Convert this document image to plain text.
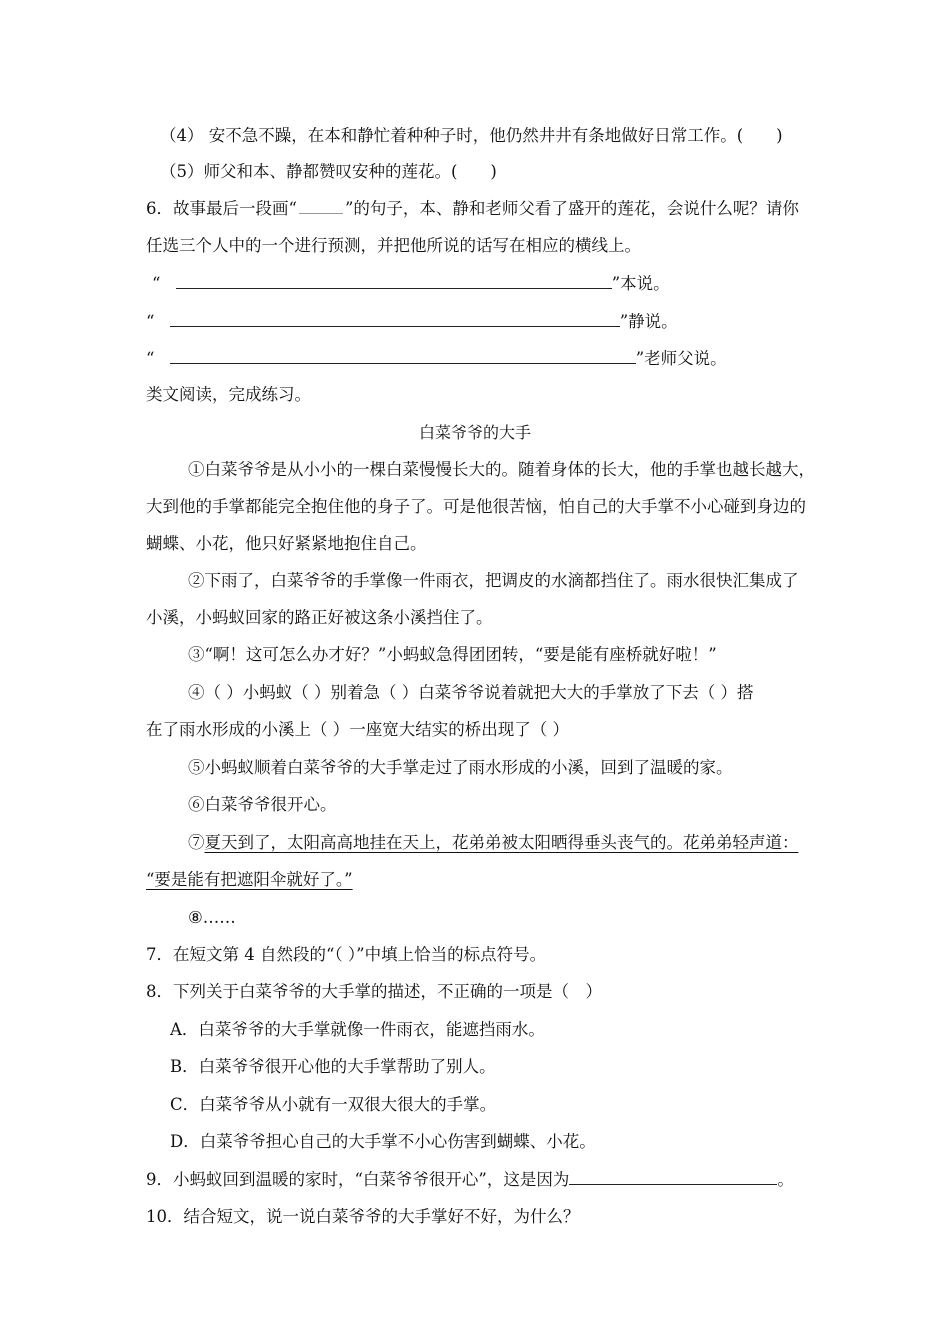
（4） 安不急不躁，在本和静忙着种种子时，他仍然井井有条地做好日常工作。(　　)
（5）师父和本、静都赞叹安种的莲花。(　　)
6．故事最后一段画“	”的句子，本、静和老师父看了盛开的莲花，会说什么呢？请你
任选三个人中的一个进行预测，并把他所说的话写在相应的横线上。
“	”本说。
“	”静说。
“	”老师父说。
类文阅读，完成练习。
白菜爷爷的大手
①白菜爷爷是从小小的一棵白菜慢慢长大的。随着身体的长大，他的手掌也越长越大，
大到他的手掌都能完全抱住他的身子了。可是他很苦恼，怕自己的大手掌不小心碰到身边的
蝴蝶、小花，他只好紧紧地抱住自己。
②下雨了，白菜爷爷的手掌像一件雨衣，把调皮的水滴都挡住了。雨水很快汇集成了
小溪，小蚂蚁回家的路正好被这条小溪挡住了。
③“啊！这可怎么办才好？”小蚂蚁急得团团转，“要是能有座桥就好啦！”
④（ ）小蚂蚁（ ）别着急（ ）白菜爷爷说着就把大大的手掌放了下去（ ）搭
在了雨水形成的小溪上（ ）一座宽大结实的桥出现了（ ）
⑤小蚂蚁顺着白菜爷爷的大手掌走过了雨水形成的小溪，回到了温暖的家。
⑥白菜爷爷很开心。
⑦夏天到了，太阳高高地挂在天上，花弟弟被太阳晒得垂头丧气的。花弟弟轻声道：
“要是能有把遮阳伞就好了。”
⑧……
7．在短文第 4 自然段的“（ ）”中填上恰当的标点符号。
8．下列关于白菜爷爷的大手掌的描述，不正确的一项是（　）
A．白菜爷爷的大手掌就像一件雨衣，能遮挡雨水。
B．白菜爷爷很开心他的大手掌帮助了别人。
C．白菜爷爷从小就有一双很大很大的手掌。
D．白菜爷爷担心自己的大手掌不小心伤害到蝴蝶、小花。
9．小蚂蚁回到温暖的家时，“白菜爷爷很开心”，这是因为	。
10．结合短文，说一说白菜爷爷的大手掌好不好，为什么？
